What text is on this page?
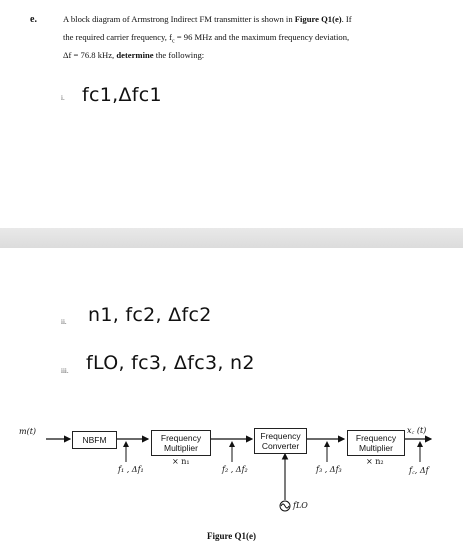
e.	A block diagram of Armstrong Indirect FM transmitter is shown in Figure Q1(e). If
the required carrier frequency, $f_c = 96$ MHz and the maximum frequency deviation,
Δf = 76.8 kHz, determine the following:
i. fc1,Δfc1
ii. n1, fc2, Δfc2
iii. fLO, fc3, Δfc3, n2
m(t)
NBFM	Frequency
Multiplier
× n₁
Frequency
Converter
Frequency
Multiplier
× n₂
x꜀ (t)
f₁ , Δf₁	f₂ , Δf₂	f₃ , Δf₃	f꜀, Δf
fLO
Figure Q1(e)
